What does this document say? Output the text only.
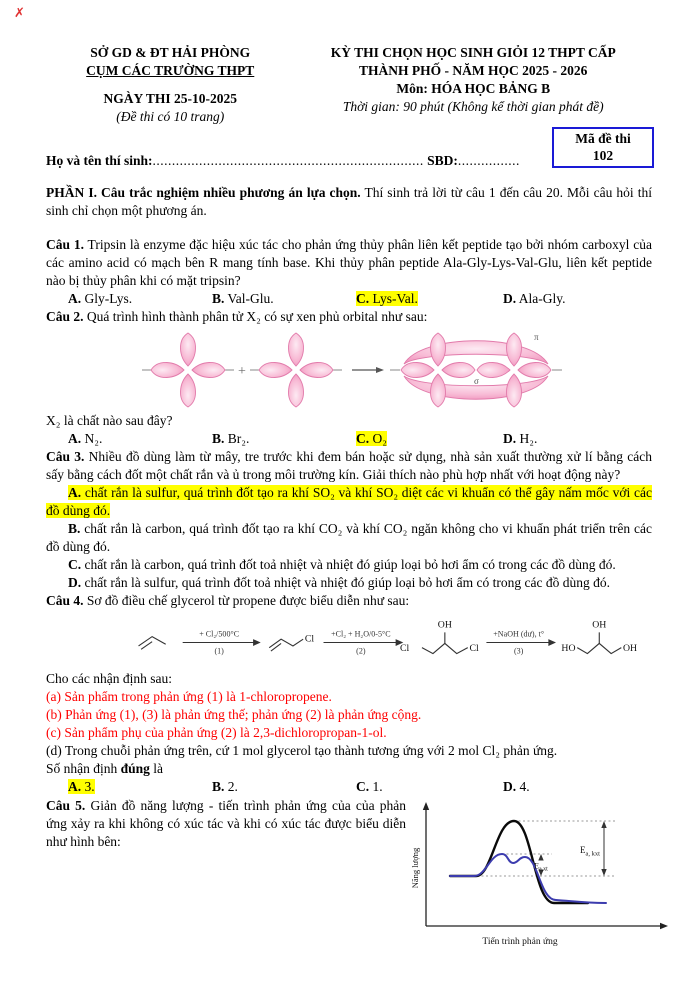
✗
SỞ GD & ĐT HẢI PHÒNG
CỤM CÁC TRƯỜNG THPT
NGÀY THI 25-10-2025
(Đề thi có 10 trang)
KỲ THI CHỌN HỌC SINH GIỎI 12 THPT CẤP
THÀNH PHỐ - NĂM HỌC 2025 - 2026
Môn: HÓA HỌC BẢNG B
Thời gian: 90 phút (Không kể thời gian phát đề)
Mã đề thi
102
Họ và tên thí sinh:...................................................................... SBD:................

PHẦN I. Câu trắc nghiệm nhiều phương án lựa chọn. Thí sinh trả lời từ câu 1 đến câu 20. Mỗi câu hỏi thí sinh chỉ chọn một phương án.

Câu 1. Tripsin là enzyme đặc hiệu xúc tác cho phản ứng thủy phân liên kết peptide tạo bởi nhóm carboxyl của các amino acid có mạch bên R mang tính base. Khi thủy phân peptide Ala-Gly-Lys-Val-Glu, liên kết peptide nào bị thủy phân khi có mặt tripsin?

A. Gly-Lys.	B. Val-Glu.	C. Lys-Val.	D. Ala-Gly.

Câu 2. Quá trình hình thành phân tử X₂ có sự xen phủ orbital như sau:

+
π
σ

X₂ là chất nào sau đây?

A. N₂.	B. Br₂.	C. O₂	D. H₂.

Câu 3. Nhiều đồ dùng làm từ mây, tre trước khi đem bán hoặc sử dụng, nhà sản xuất thường xử lí bằng cách sấy bằng cách đốt một chất rắn và ủ trong môi trường kín. Giải thích nào phù hợp nhất với hoạt động này?

A. chất rắn là sulfur, quá trình đốt tạo ra khí SO₂ và khí SO₂ diệt các vi khuẩn có thể gây nấm mốc với các đồ dùng đó.

B. chất rắn là carbon, quá trình đốt tạo ra khí CO₂ và khí CO₂ ngăn không cho vi khuẩn phát triển trên các đồ dùng đó.

C. chất rắn là carbon, quá trình đốt toả nhiệt và nhiệt đó giúp loại bỏ hơi ẩm có trong các đồ dùng đó.

D. chất rắn là sulfur, quá trình đốt toả nhiệt và nhiệt đó giúp loại bỏ hơi ẩm có trong các đồ dùng đó.

Câu 4. Sơ đồ điều chế glycerol từ propene được biểu diễn như sau:

+ Cl₂/500°C
(1)
+Cl₂ + H₂O/0-5°C
(2)
+NaOH (dư), t°
(3)
Cl
Cl	Cl
OH
HO
OH
OH

Cho các nhận định sau:

(a) Sản phẩm trong phản ứng (1) là 1-chloropropene.

(b) Phản ứng (1), (3) là phản ứng thế; phản ứng (2) là phản ứng cộng.

(c) Sản phẩm phụ của phản ứng (2) là 2,3-dichloropropan-1-ol.

(d) Trong chuỗi phản ứng trên, cứ 1 mol glycerol tạo thành tương ứng với 2 mol Cl₂ phản ứng.

Số nhận định đúng là

A. 3.	B. 2.	C. 1.	D. 4.

Câu 5. Giản đồ năng lượng - tiến trình phản ứng của của phản ứng xảy ra khi không có xúc tác và khi có xúc tác được biểu diễn như hình bên:

Năng lượng
Tiến trình phản ứng
$E_{a, kxt}$
$E_{a,xt}$
